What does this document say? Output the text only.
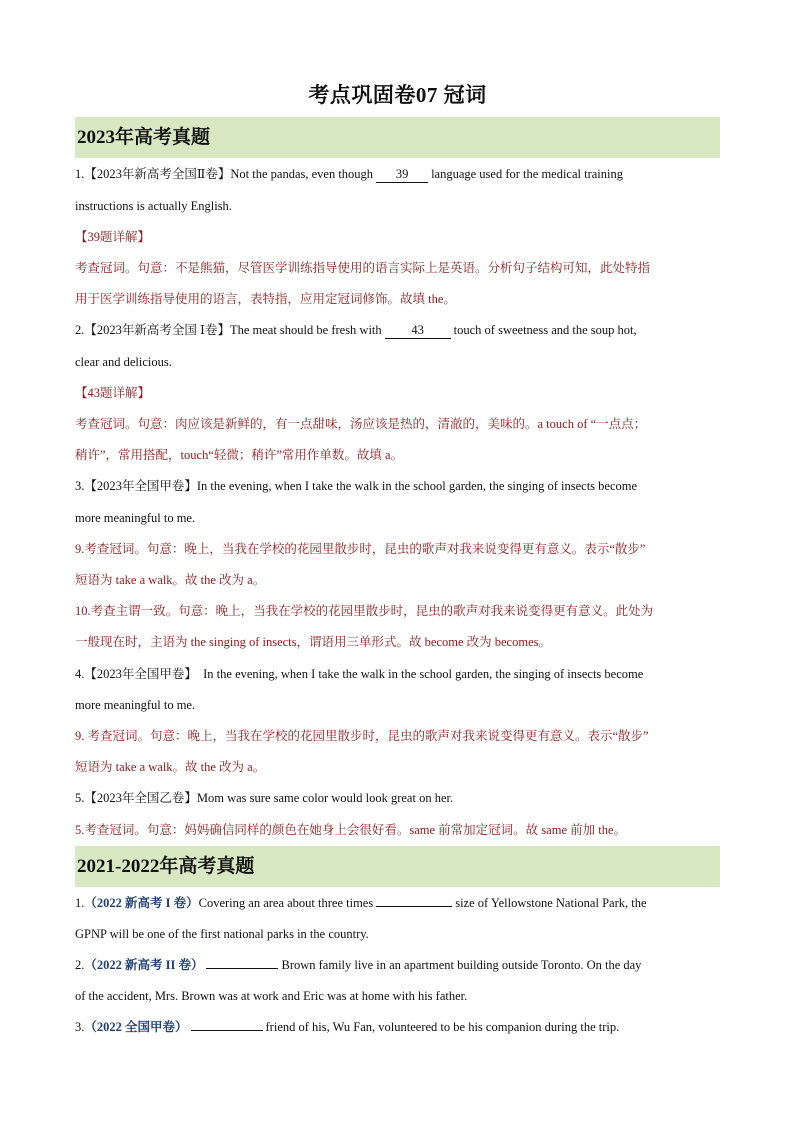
考点巩固卷07 冠词
2023年高考真题
1.【2023年新高考全国Ⅱ卷】Not the pandas, even though 39 language used for the medical training
instructions is actually English.
【39题详解】
考查冠词。句意：不是熊猫，尽管医学训练指导使用的语言实际上是英语。分析句子结构可知，此处特指
用于医学训练指导使用的语言，表特指，应用定冠词修饰。故填 the。
2.【2023年新高考全国 Ⅰ卷】The meat should be fresh with 43 touch of sweetness and the soup hot,
clear and delicious.
【43题详解】
考查冠词。句意：肉应该是新鲜的，有一点甜味，汤应该是热的，清澈的，美味的。a touch of “一点点；
稍许”，常用搭配，touch“轻微；稍许”常用作单数。故填 a。
3.【2023年全国甲卷】In the evening, when I take the walk in the school garden, the singing of insects become
more meaningful to me.
9.考查冠词。句意：晚上，当我在学校的花园里散步时，昆虫的歌声对我来说变得更有意义。表示“散步”
短语为 take a walk。故 the 改为 a。
10.考查主谓一致。句意：晚上，当我在学校的花园里散步时，昆虫的歌声对我来说变得更有意义。此处为
一般现在时，主语为 the singing of insects，谓语用三单形式。故 become 改为 becomes。
4.【2023年全国甲卷】 In the evening, when I take the walk in the school garden, the singing of insects become
more meaningful to me.
9. 考查冠词。句意：晚上，当我在学校的花园里散步时，昆虫的歌声对我来说变得更有意义。表示“散步”
短语为 take a walk。故 the 改为 a。
5.【2023年全国乙卷】Mom was sure same color would look great on her.
5.考查冠词。句意：妈妈确信同样的颜色在她身上会很好看。same 前常加定冠词。故 same 前加 the。
2021-2022年高考真题
1.（2022 新高考 I 卷）Covering an area about three times	size of Yellowstone National Park, the
GPNP will be one of the first national parks in the country.
2.（2022 新高考 II 卷）	Brown family live in an apartment building outside Toronto. On the day
of the accident, Mrs. Brown was at work and Eric was at home with his father.
3.（2022 全国甲卷）	friend of his, Wu Fan, volunteered to be his companion during the trip.
